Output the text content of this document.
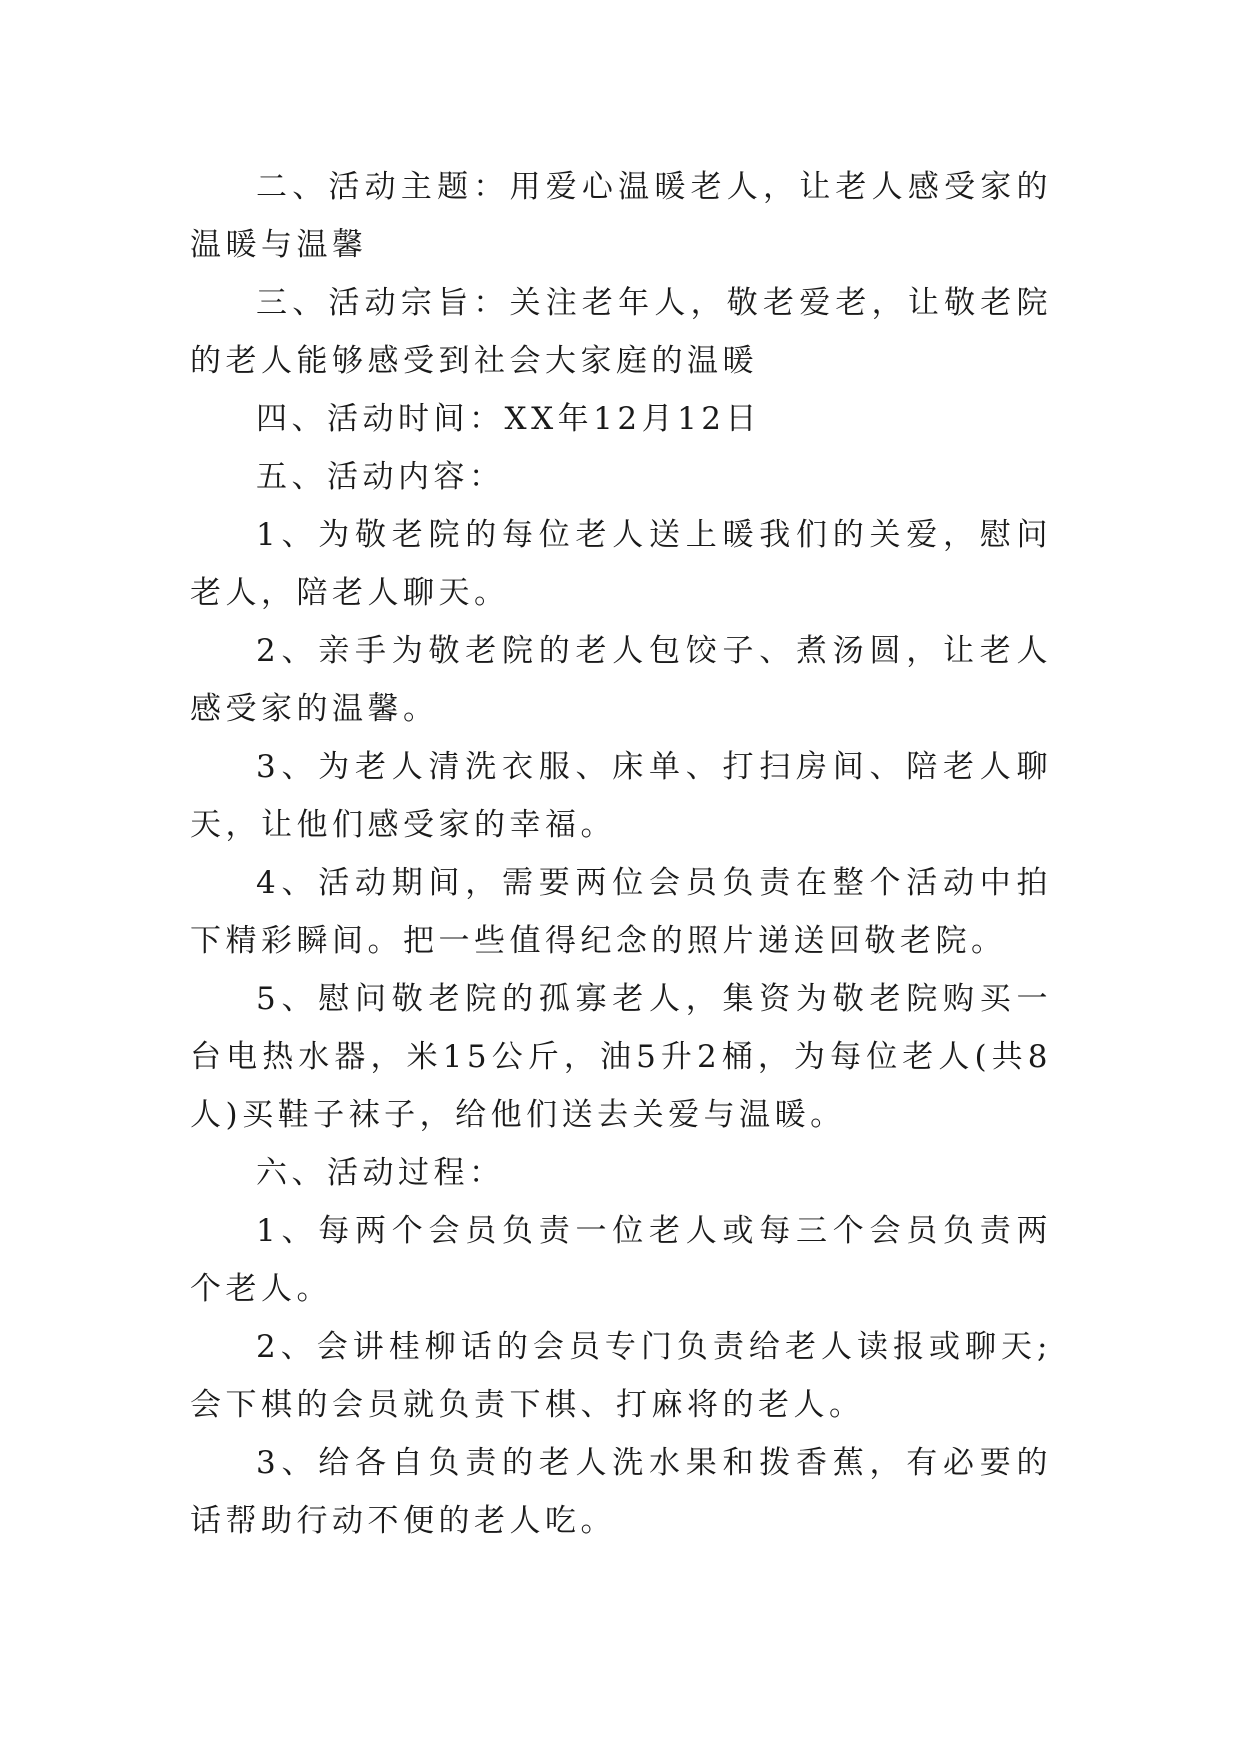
二、活动主题：用爱心温暖老人，让老人感受家的温暖与温馨

三、活动宗旨：关注老年人，敬老爱老，让敬老院的老人能够感受到社会大家庭的温暖

四、活动时间：XX年12月12日

五、活动内容：

1、为敬老院的每位老人送上暖我们的关爱，慰问老人，陪老人聊天。

2、亲手为敬老院的老人包饺子、煮汤圆，让老人感受家的温馨。

3、为老人清洗衣服、床单、打扫房间、陪老人聊天，让他们感受家的幸福。

4、活动期间，需要两位会员负责在整个活动中拍下精彩瞬间。把一些值得纪念的照片递送回敬老院。

5、慰问敬老院的孤寡老人，集资为敬老院购买一台电热水器，米15公斤，油5升2桶，为每位老人(共8人)买鞋子袜子，给他们送去关爱与温暖。

六、活动过程：

1、每两个会员负责一位老人或每三个会员负责两个老人。

2、会讲桂柳话的会员专门负责给老人读报或聊天;会下棋的会员就负责下棋、打麻将的老人。

3、给各自负责的老人洗水果和拨香蕉，有必要的话帮助行动不便的老人吃。
